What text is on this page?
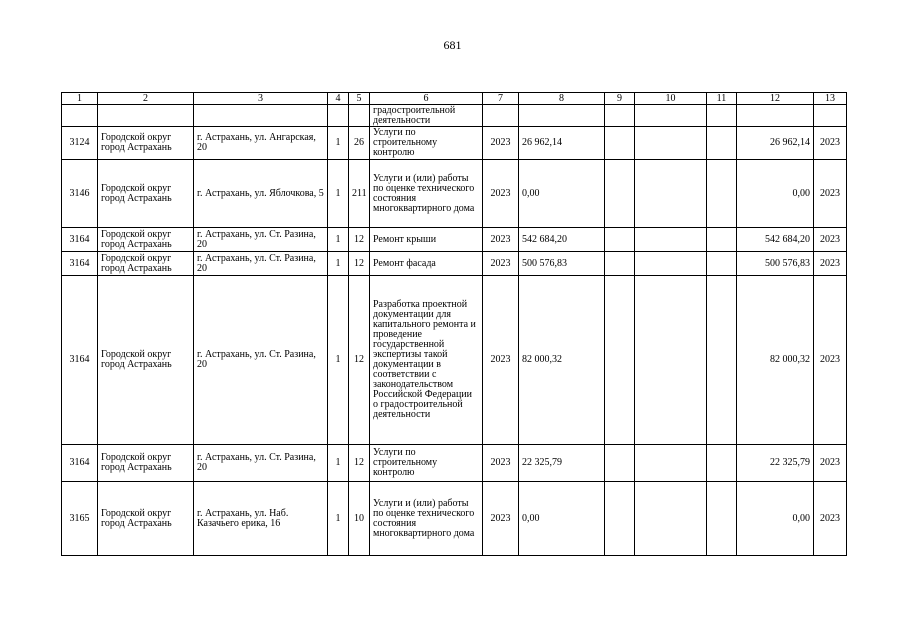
681
1	2	3	4	5	6	7	8	9	10	11	12	13
					градостроительной деятельности							
3124	Городской округ город Астрахань	г. Астрахань, ул. Ангарская, 20	1	26	Услуги по строительному контролю	2023	26 962,14				26 962,14	2023
3146	Городской округ город Астрахань	г. Астрахань, ул. Яблочкова, 5	1	211	Услуги и (или) работы по оценке технического состояния многоквартирного дома	2023	0,00				0,00	2023
3164	Городской округ город Астрахань	г. Астрахань, ул. Ст. Разина, 20	1	12	Ремонт крыши	2023	542 684,20				542 684,20	2023
3164	Городской округ город Астрахань	г. Астрахань, ул. Ст. Разина, 20	1	12	Ремонт фасада	2023	500 576,83				500 576,83	2023
3164	Городской округ город Астрахань	г. Астрахань, ул. Ст. Разина, 20	1	12	Разработка проектной документации для капитального ремонта и проведение государственной экспертизы такой документации в соответствии с законодательством Российской Федерации о градостроительной деятельности	2023	82 000,32				82 000,32	2023
3164	Городской округ город Астрахань	г. Астрахань, ул. Ст. Разина, 20	1	12	Услуги по строительному контролю	2023	22 325,79				22 325,79	2023
3165	Городской округ город Астрахань	г. Астрахань, ул. Наб. Казачьего ерика, 16	1	10	Услуги и (или) работы по оценке технического состояния многоквартирного дома	2023	0,00				0,00	2023
